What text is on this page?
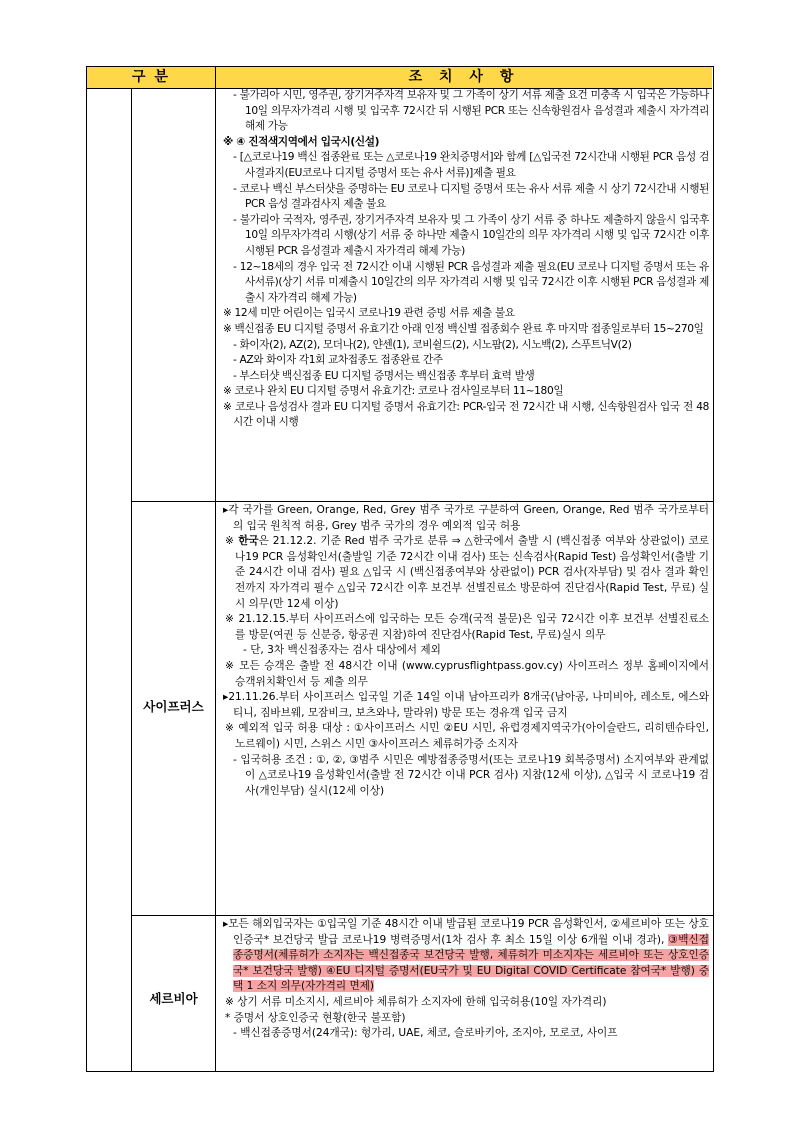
구 분	조 치 사 항

- 불가리아 시민, 영주권, 장기거주자격 보유자 및 그 가족이 상기 서류 제출 요건 미충족 시 입국은 가능하나 10일 의무자가격리 시행 및 입국후 72시간 뒤 시행된 PCR 또는 신속항원검사 음성결과 제출시 자가격리 해제 가능

※ ④ 진적색지역에서 입국시(신설)

- [△코로나19 백신 접종완료 또는 △코로나19 완치증명서]와 함께 [△입국전 72시간내 시행된 PCR 음성 검사결과지(EU코로나 디지털 증명서 또는 유사 서류)]제출 필요

- 코로나 백신 부스터샷을 증명하는 EU 코로나 디지털 증명서 또는 유사 서류 제출 시 상기 72시간내 시행된 PCR 음성 결과검사지 제출 불요

- 불가리아 국적자, 영주권, 장기거주자격 보유자 및 그 가족이 상기 서류 중 하나도 제출하지 않을시 입국후 10일 의무자가격리 시행(상기 서류 중 하나만 제출시 10일간의 의무 자가격리 시행 및 입국 72시간 이후 시행된 PCR 음성결과 제출시 자가격리 해제 가능)

- 12~18세의 경우 입국 전 72시간 이내 시행된 PCR 음성결과 제출 필요(EU 코로나 디지털 증명서 또는 유사서류)(상기 서류 미제출시 10일간의 의무 자가격리 시행 및 입국 72시간 이후 시행된 PCR 음성결과 제출시 자가격리 해제 가능)

※ 12세 미만 어린이는 입국시 코로나19 관련 증빙 서류 제출 불요

※ 백신접종 EU 디지털 증명서 유효기간 아래 인정 백신별 접종회수 완료 후 마지막 접종일로부터 15~270일

- 화이자(2), AZ(2), 모더나(2), 얀센(1), 코비쉴드(2), 시노팜(2), 시노백(2), 스푸트닉V(2)

- AZ와 화이자 각1회 교차접종도 접종완료 간주

- 부스터샷 백신접종 EU 디지털 증명서는 백신접종 후부터 효력 발생

※ 코로나 완치 EU 디지털 증명서 유효기간: 코로나 검사일로부터 11~180일

※ 코로나 음성검사 결과 EU 디지털 증명서 유효기간: PCR-입국 전 72시간 내 시행, 신속항원검사 입국 전 48시간 이내 시행

사이프러스

▸각 국가를 Green, Orange, Red, Grey 범주 국가로 구분하여 Green, Orange, Red 범주 국가로부터의 입국 원칙적 허용, Grey 범주 국가의 경우 예외적 입국 허용

※ 한국은 21.12.2. 기준 Red 범주 국가로 분류 ⇒ △한국에서 출발 시 (백신접종 여부와 상관없이) 코로나19 PCR 음성확인서(출발일 기준 72시간 이내 검사) 또는 신속검사(Rapid Test) 음성확인서(출발 기준 24시간 이내 검사) 필요 △입국 시 (백신접종여부와 상관없이) PCR 검사(자부담) 및 검사 결과 확인 전까지 자가격리 필수 △입국 72시간 이후 보건부 선별진료소 방문하여 진단검사(Rapid Test, 무료) 실시 의무(만 12세 이상)

※ 21.12.15.부터 사이프러스에 입국하는 모든 승객(국적 불문)은 입국 72시간 이후 보건부 선별진료소를 방문(여권 등 신분증, 항공권 지참)하여 진단검사(Rapid Test, 무료)실시 의무

- 단, 3차 백신접종자는 검사 대상에서 제외

※ 모든 승객은 출발 전 48시간 이내 (www.cyprusflightpass.gov.cy) 사이프러스 정부 홈페이지에서 승객위치확인서 등 제출 의무

▸21.11.26.부터 사이프러스 입국일 기준 14일 이내 남아프리카 8개국(남아공, 나미비아, 레소토, 에스와티니, 짐바브웨, 모잠비크, 보츠와나, 말라위) 방문 또는 경유객 입국 금지

※ 예외적 입국 허용 대상 : ①사이프러스 시민 ②EU 시민, 유럽경제지역국가(아이슬란드, 리히텐슈타인, 노르웨이) 시민, 스위스 시민 ③사이프러스 체류허가증 소지자

- 입국허용 조건 : ①, ②, ③범주 시민은 예방접종증명서(또는 코로나19 회복증명서) 소지여부와 관계없이 △코로나19 음성확인서(출발 전 72시간 이내 PCR 검사) 지참(12세 이상), △입국 시 코로나19 검사(개인부담) 실시(12세 이상)

세르비아

▸모든 해외입국자는 ①입국일 기준 48시간 이내 발급된 코로나19 PCR 음성확인서, ②세르비아 또는 상호인증국* 보건당국 발급 코로나19 병력증명서(1차 검사 후 최소 15일 이상 6개월 이내 경과), ③백신접종증명서(체류허가 소지자는 백신접종국 보건당국 발행, 체류허가 미소지자는 세르비아 또는 상호인증국* 보건당국 발행) ④EU 디지털 증명서(EU국가 및 EU Digital COVID Certificate 참여국* 발행) 중 택 1 소지 의무(자가격리 면제)

※ 상기 서류 미소지시, 세르비아 체류허가 소지자에 한해 입국허용(10일 자가격리)

* 증명서 상호인증국 현황(한국 불포함)

- 백신접종증명서(24개국): 헝가리, UAE, 체코, 슬로바키아, 조지아, 모로코, 사이프
